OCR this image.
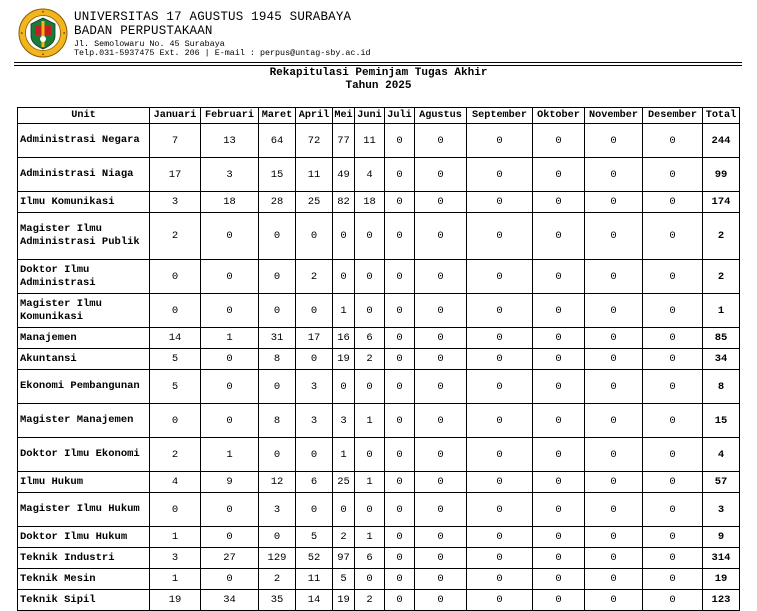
UNIVERSITAS 17 AGUSTUS 1945 SURABAYA
BADAN PERPUSTAKAAN
Jl. Semolowaru No. 45 Surabaya
Telp.031-5937475 Ext. 206 | E-mail : perpus@untag-sby.ac.id
Rekapitulasi Peminjam Tugas Akhir
Tahun 2025
Unit	Januari	Februari	Maret	April	Mei	Juni	Juli	Agustus	September	Oktober	November	Desember	Total
Administrasi Negara	7	13	64	72	77	11	0	0	0	0	0	0	244
Administrasi Niaga	17	3	15	11	49	4	0	0	0	0	0	0	99
Ilmu Komunikasi	3	18	28	25	82	18	0	0	0	0	0	0	174
Magister Ilmu Administrasi Publik	2	0	0	0	0	0	0	0	0	0	0	0	2
Doktor Ilmu Administrasi	0	0	0	2	0	0	0	0	0	0	0	0	2
Magister Ilmu Komunikasi	0	0	0	0	1	0	0	0	0	0	0	0	1
Manajemen	14	1	31	17	16	6	0	0	0	0	0	0	85
Akuntansi	5	0	8	0	19	2	0	0	0	0	0	0	34
Ekonomi Pembangunan	5	0	0	3	0	0	0	0	0	0	0	0	8
Magister Manajemen	0	0	8	3	3	1	0	0	0	0	0	0	15
Doktor Ilmu Ekonomi	2	1	0	0	1	0	0	0	0	0	0	0	4
Ilmu Hukum	4	9	12	6	25	1	0	0	0	0	0	0	57
Magister Ilmu Hukum	0	0	3	0	0	0	0	0	0	0	0	0	3
Doktor Ilmu Hukum	1	0	0	5	2	1	0	0	0	0	0	0	9
Teknik Industri	3	27	129	52	97	6	0	0	0	0	0	0	314
Teknik Mesin	1	0	2	11	5	0	0	0	0	0	0	0	19
Teknik Sipil	19	34	35	14	19	2	0	0	0	0	0	0	123
